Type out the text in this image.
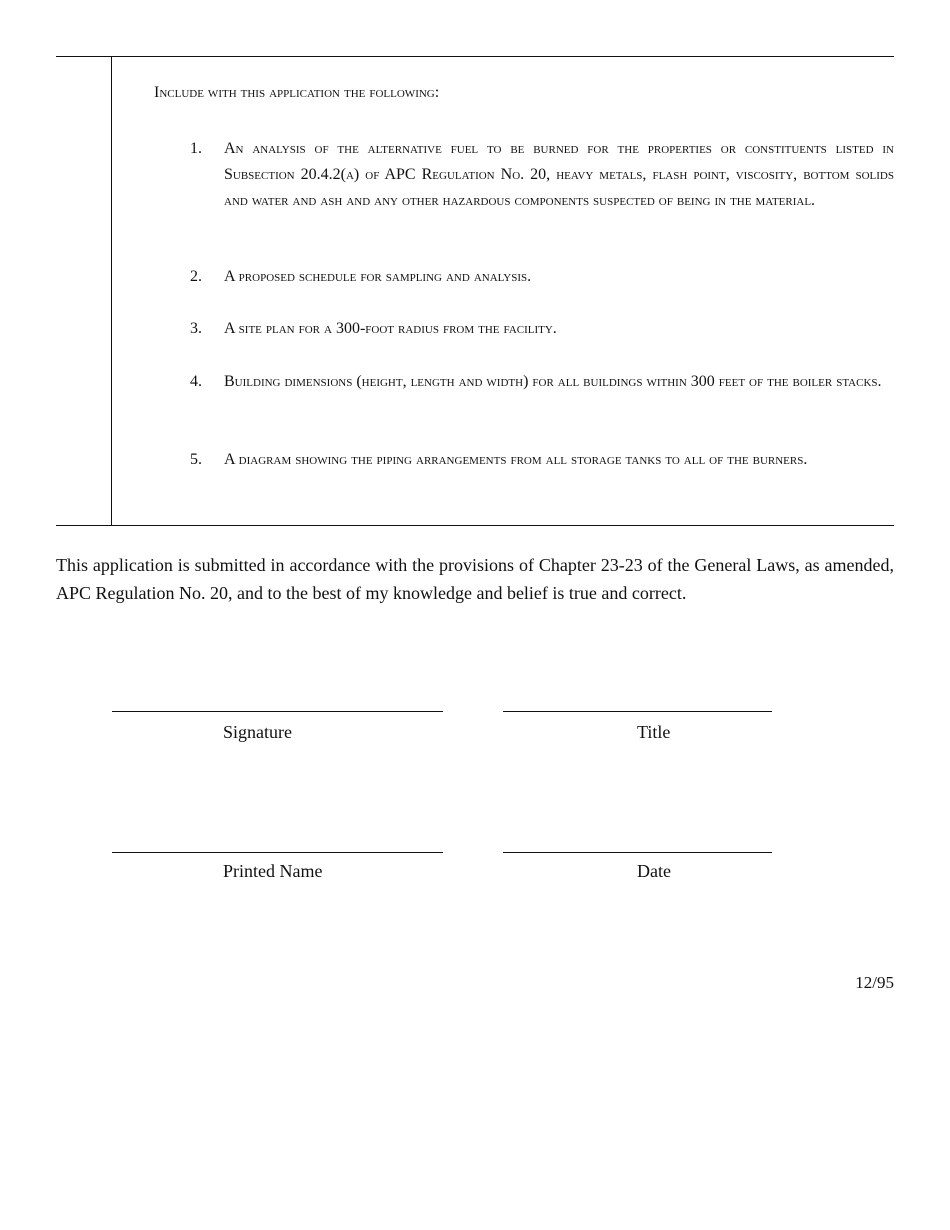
Include with this application the following:

1. An analysis of the alternative fuel to be burned for the properties or constituents listed in Subsection 20.4.2(a) of APC Regulation No. 20, heavy metals, flash point, viscosity, bottom solids and water and ash and any other hazardous components suspected of being in the material.

2. A proposed schedule for sampling and analysis.

3. A site plan for a 300-foot radius from the facility.

4. Building dimensions (height, length and width) for all buildings within 300 feet of the boiler stacks.

5. A diagram showing the piping arrangements from all storage tanks to all of the burners.

This application is submitted in accordance with the provisions of Chapter 23-23 of the General Laws, as amended, APC Regulation No. 20, and to the best of my knowledge and belief is true and correct.

Signature	Title
Printed Name	Date
12/95
